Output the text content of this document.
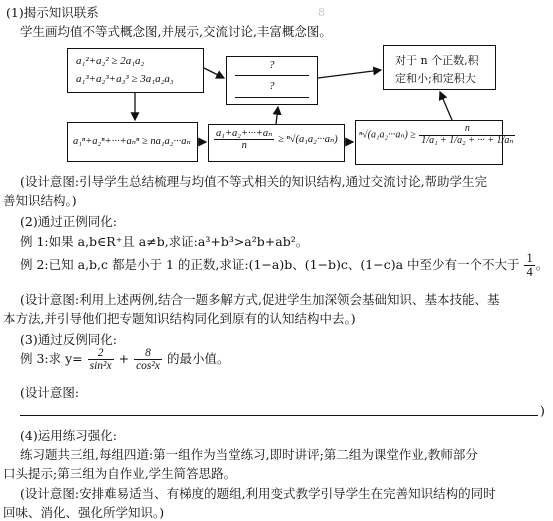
(1)揭示知识联系
学生画均值不等式概念图,并展示,交流讨论,丰富概念图。
8
a₁²+a₂² ≥ 2a₁a₂
a₁³+a₂³+a₃³ ≥ 3a₁a₂a₃
?
?
对于 n 个正数,积
定和小;和定积大
$a_1^n+a_2^n+\cdot\cdot\cdot+a_n^n \ge na_1a_2\cdot\cdot\cdot a_n \frac{\text{a₁+a₂+···+aₙ}}{n} \ge ^n√(a_1a_2\cdot\cdot\cdot a_n) ^n√(a_1a_2\cdot\cdot\cdot a_n) \ge \frac{n}{\text{1/a₁ + 1/a₂ + ··· + 1/aₙ}}$
(设计意图:引导学生总结梳理与均值不等式相关的知识结构,通过交流讨论,帮助学生完
善知识结构。)
(2)通过正例同化:
例 1:如果 a,b∈R⁺且 a≠b,求证:a³+b³>a²b+ab²。
例 2:已知 a,b,c 都是小于 1 的正数,求证:(1−a)b、(1−b)c、(1−c)a 中至少有一个不大于 $\frac{1}{4}$ 。
(设计意图:利用上述两例,结合一题多解方式,促进学生加深领会基础知识、基本技能、基
本方法,并引导他们把专题知识结构同化到原有的认知结构中去。)
(3)通过反例同化:
例 3:求 $y= \frac{2}{\text{sin²x}} + \frac{8}{\text{cos²x}}$ 的最小值。
(设计意图:
)
(4)运用练习强化:
练习题共三组,每组四道:第一组作为当堂练习,即时讲评;第二组为课堂作业,教师部分
口头提示;第三组为自作业,学生简答思路。
(设计意图:安排难易适当、有梯度的题组,利用变式教学引导学生在完善知识结构的同时
回味、消化、强化所学知识。)
